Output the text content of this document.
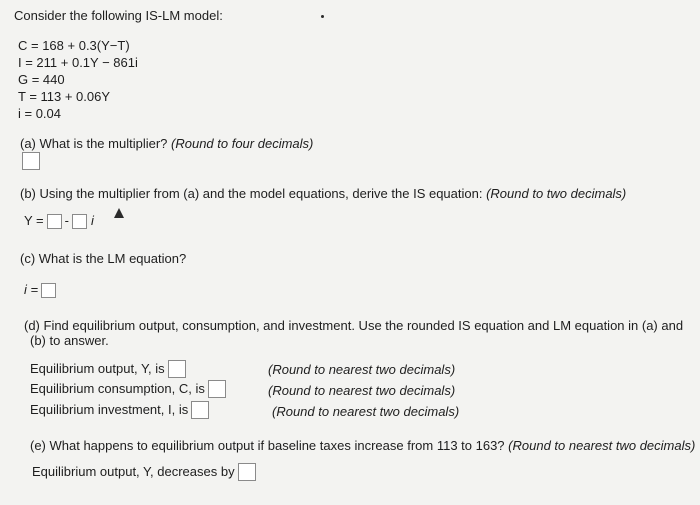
Consider the following IS-LM model:
C = 168 + 0.3(Y−T)
I = 211 + 0.1Y − 861i
G = 440
T = 113 + 0.06Y
i = 0.04
(a) What is the multiplier? (Round to four decimals)
(b) Using the multiplier from (a) and the model equations, derive the IS equation: (Round to two decimals)
Y = - i
(c) What is the LM equation?
i =
(d) Find equilibrium output, consumption, and investment. Use the rounded IS equation and LM equation in (a) and
(b) to answer.
Equilibrium output, Y, is	(Round to nearest two decimals)
Equilibrium consumption, C, is	(Round to nearest two decimals)
Equilibrium investment, I, is	(Round to nearest two decimals)
(e) What happens to equilibrium output if baseline taxes increase from 113 to 163? (Round to nearest two decimals)
Equilibrium output, Y, decreases by
